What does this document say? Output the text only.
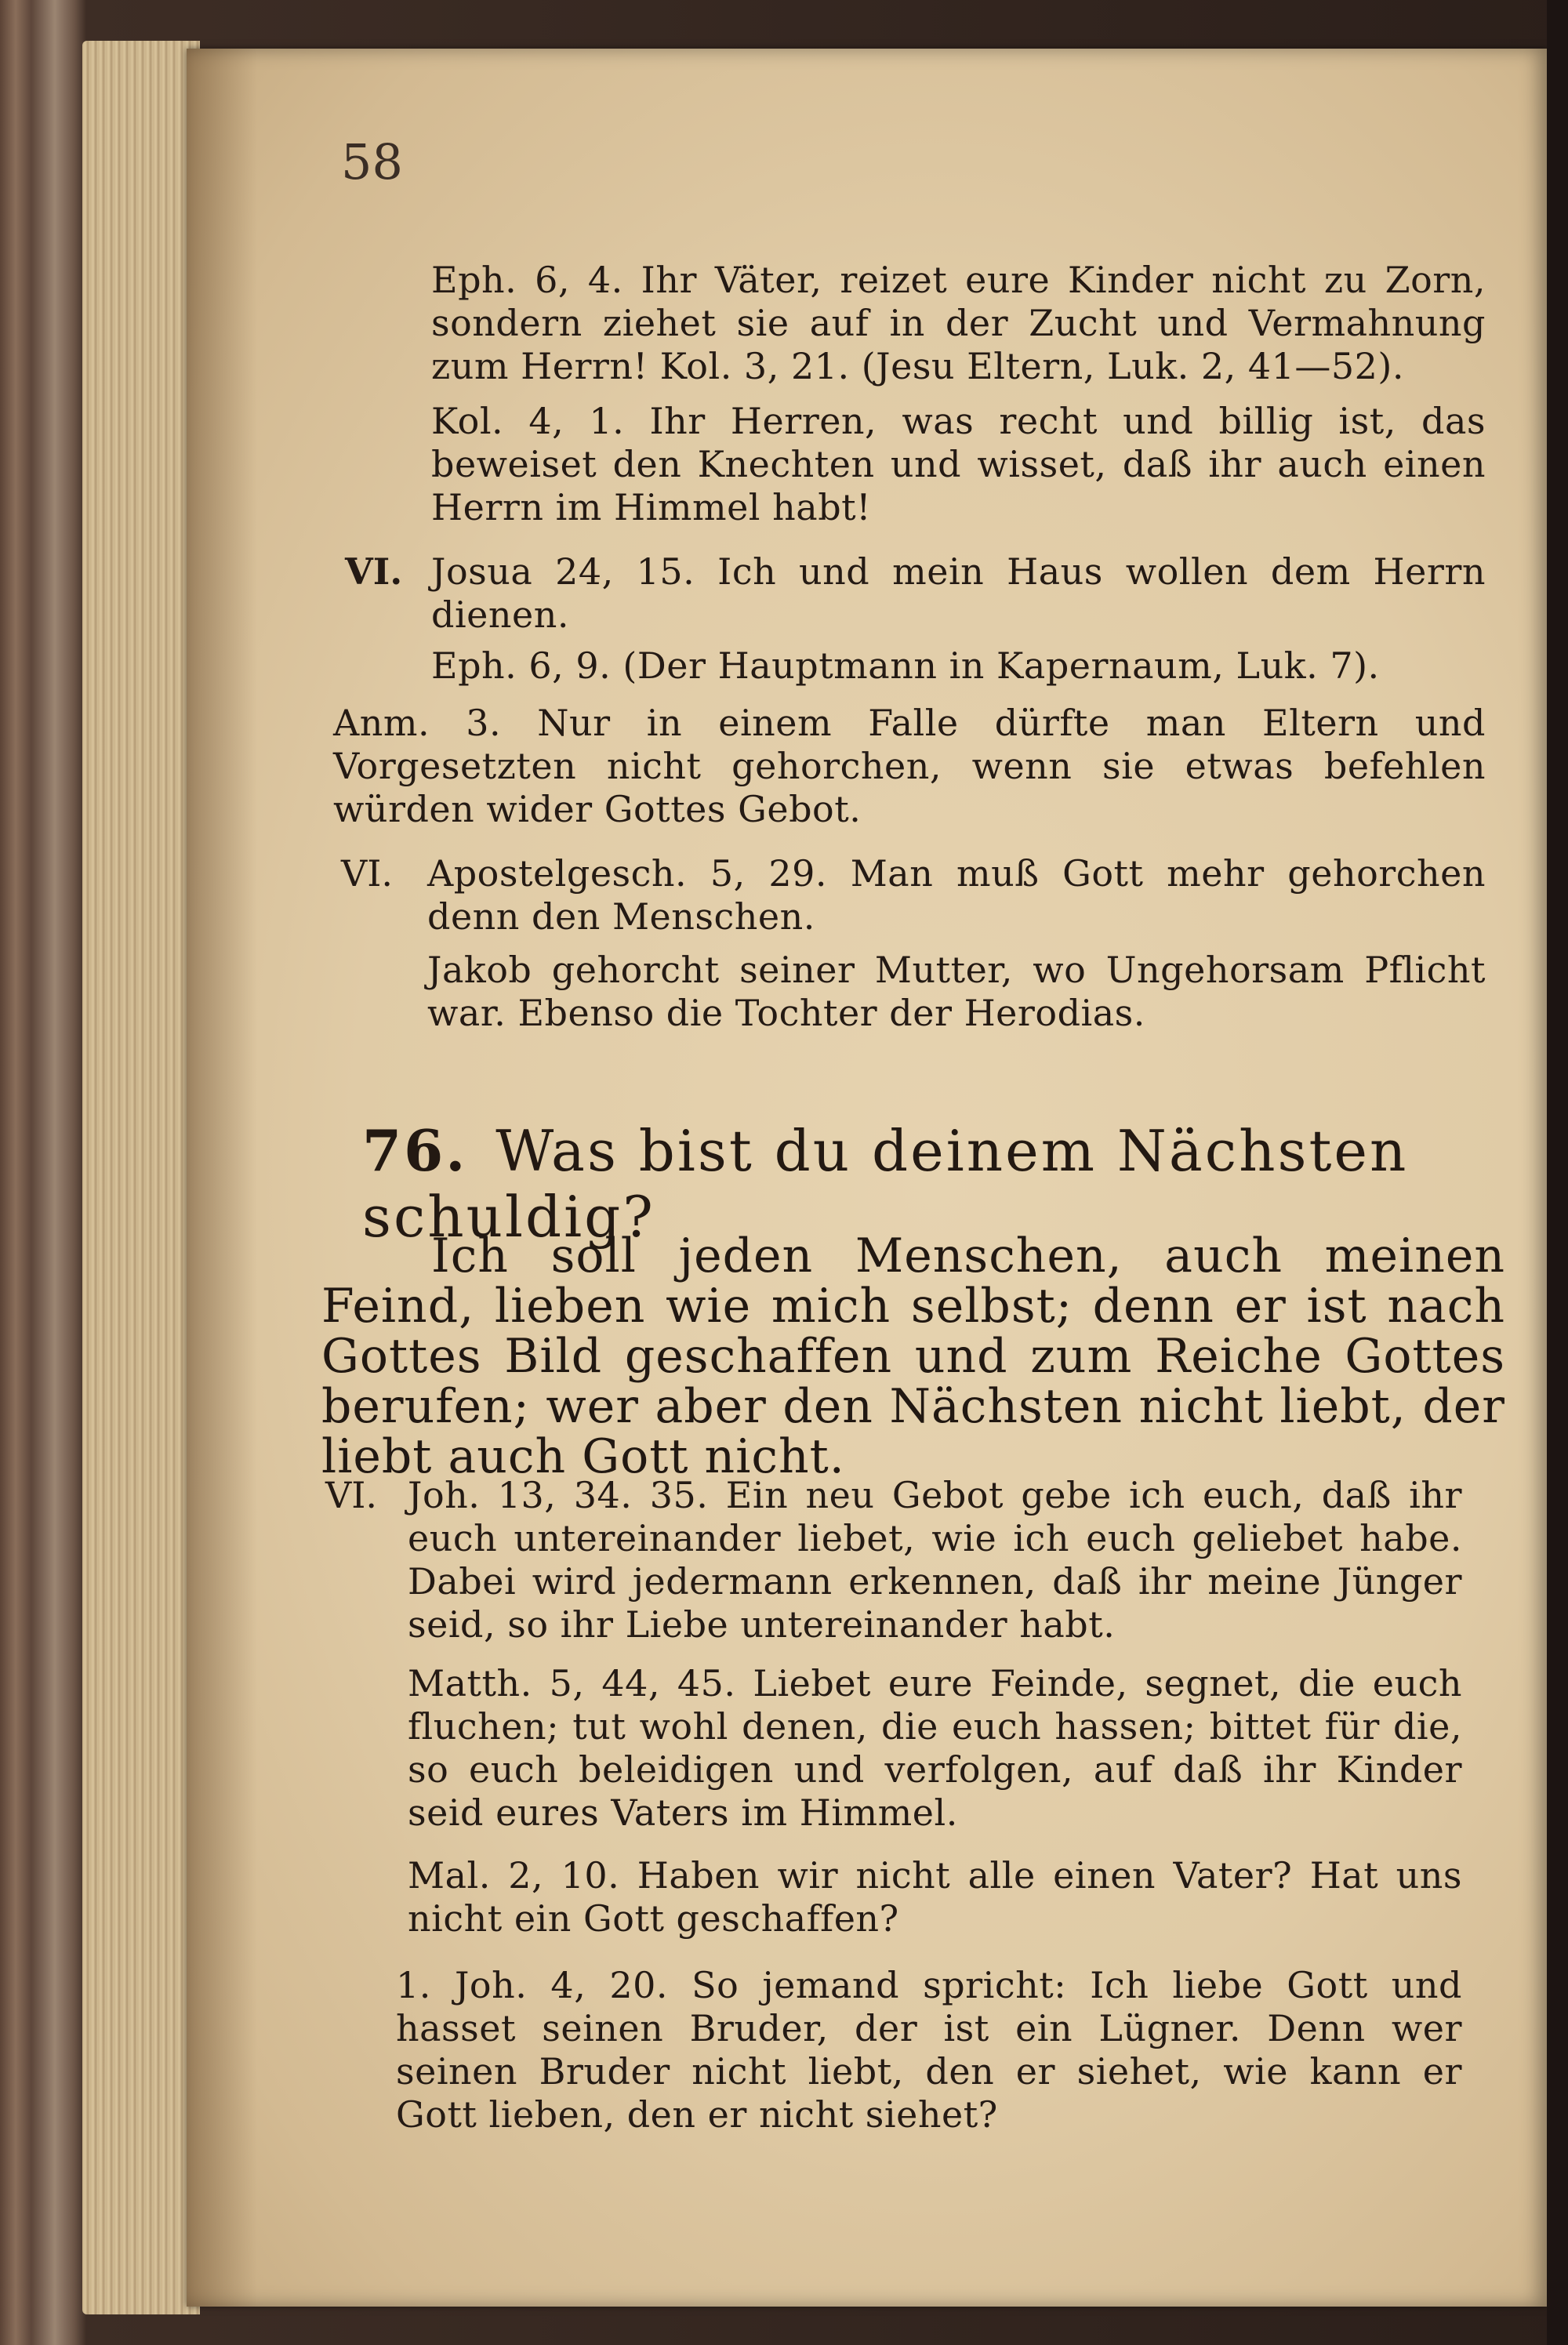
58

Eph. 6, 4. Ihr Väter, reizet eure Kinder nicht zu Zorn, sondern ziehet sie auf in der Zucht und Vermahnung zum Herrn! Kol. 3, 21. (Jesu Eltern, Luk. 2, 41—52).

Kol. 4, 1. Ihr Herren, was recht und billig ist, das beweiset den Knechten und wisset, daß ihr auch einen Herrn im Himmel habt!

VI. Josua 24, 15. Ich und mein Haus wollen dem Herrn dienen.

Eph. 6, 9. (Der Hauptmann in Kapernaum, Luk. 7).

Anm. 3. Nur in einem Falle dürfte man Eltern und Vorgesetzten nicht gehorchen, wenn sie etwas befehlen würden wider Gottes Gebot.

VI. Apostelgesch. 5, 29. Man muß Gott mehr gehorchen denn den Menschen.

Jakob gehorcht seiner Mutter, wo Ungehorsam Pflicht war. Ebenso die Tochter der Herodias.

76. Was bist du deinem Nächsten schuldig?

Ich soll jeden Menschen, auch meinen Feind, lieben wie mich selbst; denn er ist nach Gottes Bild geschaffen und zum Reiche Gottes berufen; wer aber den Nächsten nicht liebt, der liebt auch Gott nicht.

VI. Joh. 13, 34. 35. Ein neu Gebot gebe ich euch, daß ihr euch untereinander liebet, wie ich euch geliebet habe. Dabei wird jedermann erkennen, daß ihr meine Jünger seid, so ihr Liebe untereinander habt.

Matth. 5, 44, 45. Liebet eure Feinde, segnet, die euch fluchen; tut wohl denen, die euch hassen; bittet für die, so euch beleidigen und verfolgen, auf daß ihr Kinder seid eures Vaters im Himmel.

Mal. 2, 10. Haben wir nicht alle einen Vater? Hat uns nicht ein Gott geschaffen?

1. Joh. 4, 20. So jemand spricht: Ich liebe Gott und hasset seinen Bruder, der ist ein Lügner. Denn wer seinen Bruder nicht liebt, den er siehet, wie kann er Gott lieben, den er nicht siehet?
